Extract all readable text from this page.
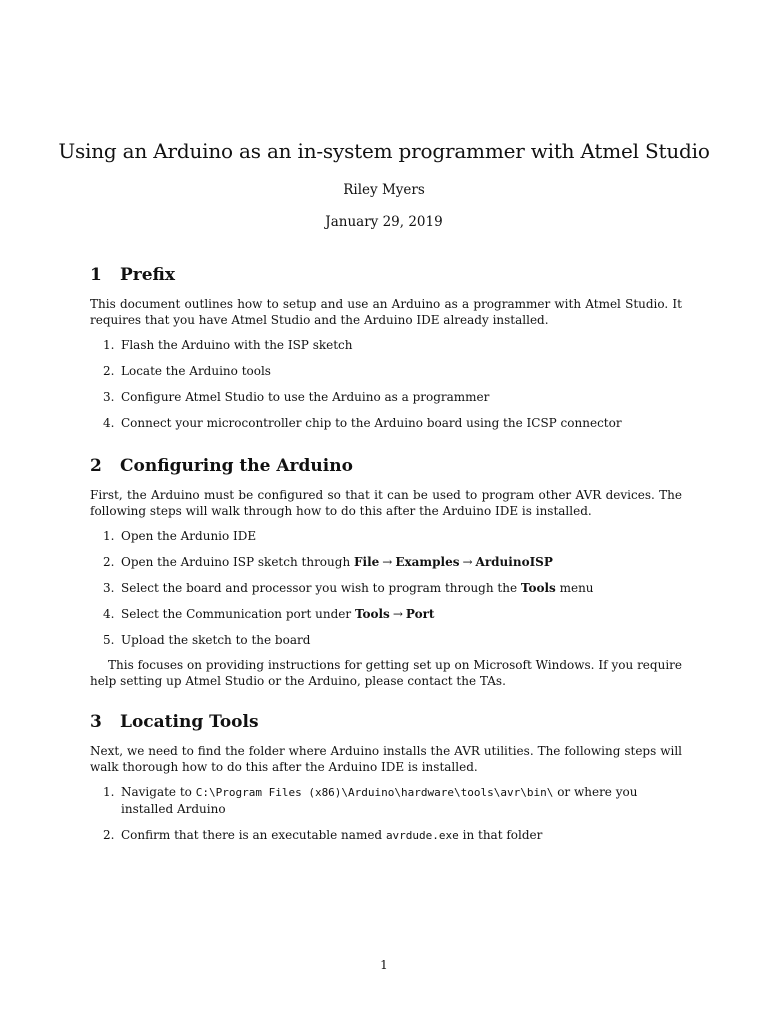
Using an Arduino as an in-system programmer with Atmel Studio
Riley Myers
January 29, 2019
1 Prefix

This document outlines how to setup and use an Arduino as a programmer with Atmel Studio. It requires that you have Atmel Studio and the Arduino IDE already installed.

1. Flash the Arduino with the ISP sketch
2. Locate the Arduino tools
3. Configure Atmel Studio to use the Arduino as a programmer
4. Connect your microcontroller chip to the Arduino board using the ICSP connector
2 Configuring the Arduino

First, the Arduino must be configured so that it can be used to program other AVR devices. The following steps will walk through how to do this after the Arduino IDE is installed.

1. Open the Ardunio IDE
2. Open the Arduino ISP sketch through File → Examples → ArduinoISP
3. Select the board and processor you wish to program through the Tools menu
4. Select the Communication port under Tools → Port
5. Upload the sketch to the board

This focuses on providing instructions for getting set up on Microsoft Windows. If you require help setting up Atmel Studio or the Arduino, please contact the TAs.

3 Locating Tools

Next, we need to find the folder where Arduino installs the AVR utilities. The following steps will walk thorough how to do this after the Arduino IDE is installed.

1. Navigate to C:\Program Files (x86)\Arduino\hardware\tools\avr\bin\ or where you installed Arduino
2. Confirm that there is an executable named avrdude.exe in that folder
1
